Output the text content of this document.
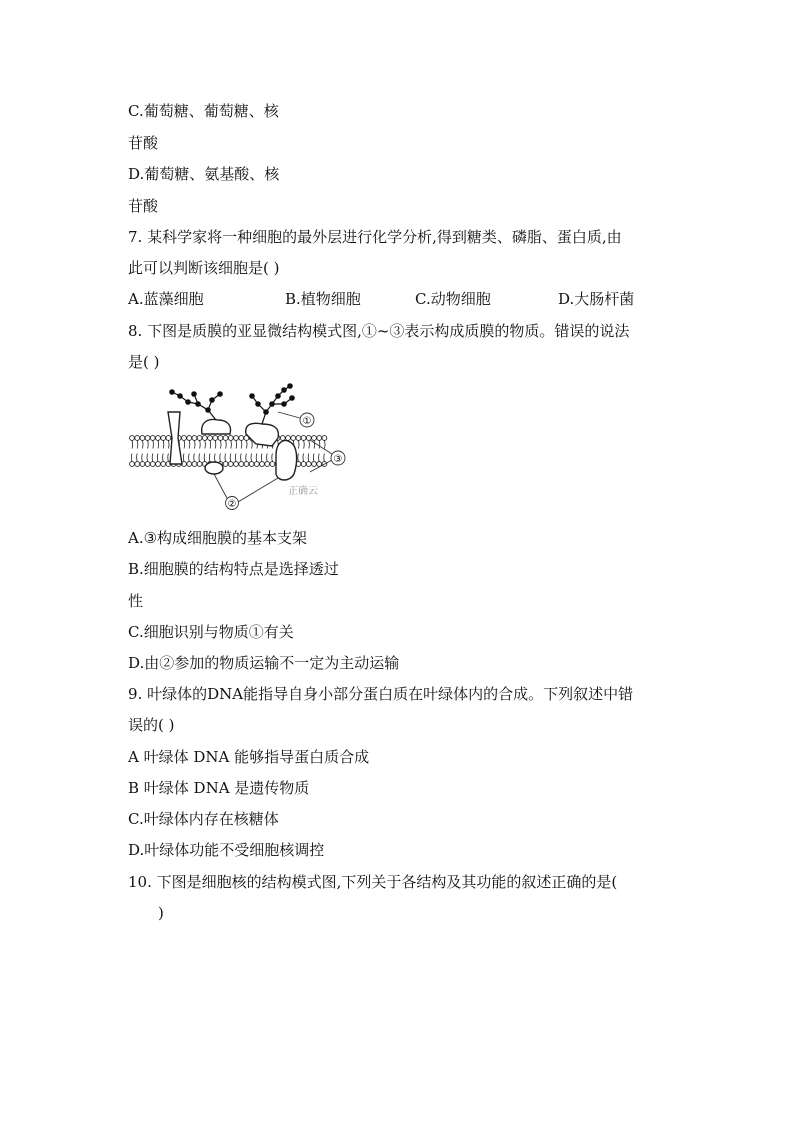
C.葡萄糖、葡萄糖、核
苷酸
D.葡萄糖、氨基酸、核
苷酸
7. 某科学家将一种细胞的最外层进行化学分析,得到糖类、磷脂、蛋白质,由
此可以判断该细胞是( )
A.蓝藻细胞	B.植物细胞	C.动物细胞	D.大肠杆菌
8. 下图是质膜的亚显微结构模式图,①~③表示构成质膜的物质。错误的说法
是( )
①
③
②
正确云
A.③构成细胞膜的基本支架
B.细胞膜的结构特点是选择透过
性
C.细胞识别与物质①有关
D.由②参加的物质运输不一定为主动运输
9. 叶绿体的DNA能指导自身小部分蛋白质在叶绿体内的合成。下列叙述中错
误的( )
A 叶绿体 DNA 能够指导蛋白质合成
B 叶绿体 DNA 是遗传物质
C.叶绿体内存在核糖体
D.叶绿体功能不受细胞核调控
10. 下图是细胞核的结构模式图,下列关于各结构及其功能的叙述正确的是(
)
